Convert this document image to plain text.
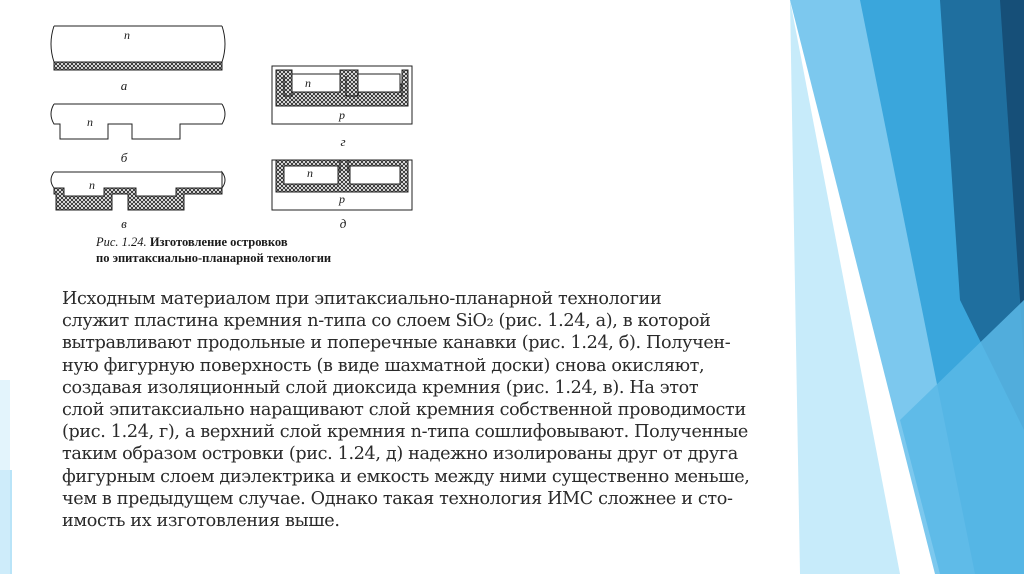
n
а
n
б
n
в
n
p
г
n
p
д
Рис. 1.24. Изготовление островков
по эпитаксиально-планарной технологии
Исходным материалом при эпитаксиально-планарной технологии
служит пластина кремния n-типа со слоем SiO₂ (рис. 1.24, а), в которой
вытравливают продольные и поперечные канавки (рис. 1.24, б). Получен-
ную фигурную поверхность (в виде шахматной доски) снова окисляют,
создавая изоляционный слой диоксида кремния (рис. 1.24, в). На этот
слой эпитаксиально наращивают слой кремния собственной проводимости
(рис. 1.24, г), а верхний слой кремния n-типа сошлифовывают. Полученные
таким образом островки (рис. 1.24, д) надежно изолированы друг от друга
фигурным слоем диэлектрика и емкость между ними существенно меньше,
чем в предыдущем случае. Однако такая технология ИМС сложнее и сто-
имость их изготовления выше.
